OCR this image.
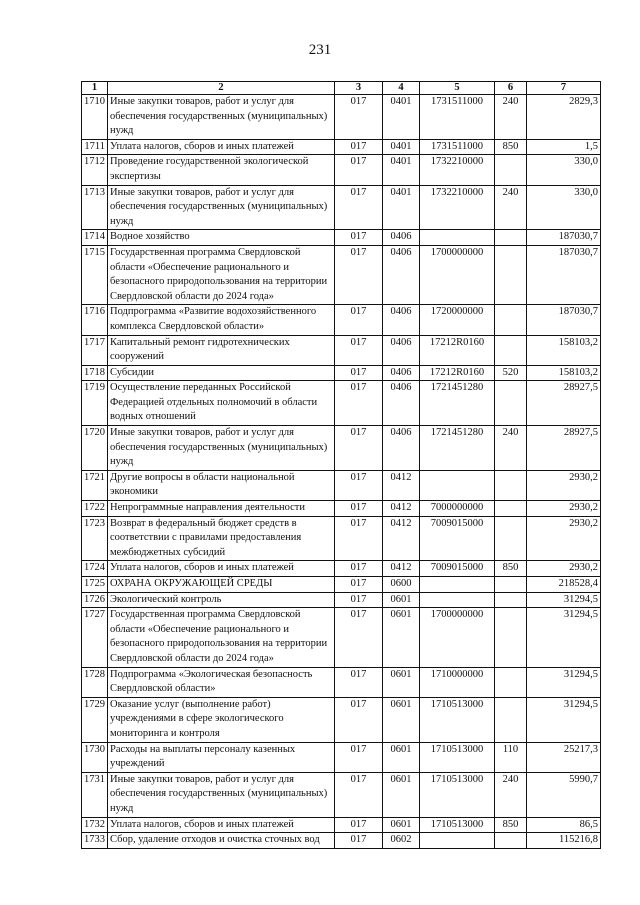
231
1	2	3	4	5	6	7
1710	Иные закупки товаров, работ и услуг для обеспечения государственных (муниципальных) нужд	017	0401	1731511000	240	2829,3
1711	Уплата налогов, сборов и иных платежей	017	0401	1731511000	850	1,5
1712	Проведение государственной экологической экспертизы	017	0401	1732210000		330,0
1713	Иные закупки товаров, работ и услуг для обеспечения государственных (муниципальных) нужд	017	0401	1732210000	240	330,0
1714	Водное хозяйство	017	0406			187030,7
1715	Государственная программа Свердловской области «Обеспечение рационального и безопасного природопользования на территории Свердловской области до 2024 года»	017	0406	1700000000		187030,7
1716	Подпрограмма «Развитие водохозяйственного комплекса Свердловской области»	017	0406	1720000000		187030,7
1717	Капитальный ремонт гидротехнических сооружений	017	0406	17212R0160		158103,2
1718	Субсидии	017	0406	17212R0160	520	158103,2
1719	Осуществление переданных Российской Федерацией отдельных полномочий в области водных отношений	017	0406	1721451280		28927,5
1720	Иные закупки товаров, работ и услуг для обеспечения государственных (муниципальных) нужд	017	0406	1721451280	240	28927,5
1721	Другие вопросы в области национальной экономики	017	0412			2930,2
1722	Непрограммные направления деятельности	017	0412	7000000000		2930,2
1723	Возврат в федеральный бюджет средств в соответствии с правилами предоставления межбюджетных субсидий	017	0412	7009015000		2930,2
1724	Уплата налогов, сборов и иных платежей	017	0412	7009015000	850	2930,2
1725	ОХРАНА ОКРУЖАЮЩЕЙ СРЕДЫ	017	0600			218528,4
1726	Экологический контроль	017	0601			31294,5
1727	Государственная программа Свердловской области «Обеспечение рационального и безопасного природопользования на территории Свердловской области до 2024 года»	017	0601	1700000000		31294,5
1728	Подпрограмма «Экологическая безопасность Свердловской области»	017	0601	1710000000		31294,5
1729	Оказание услуг (выполнение работ) учреждениями в сфере экологического мониторинга и контроля	017	0601	1710513000		31294,5
1730	Расходы на выплаты персоналу казенных учреждений	017	0601	1710513000	110	25217,3
1731	Иные закупки товаров, работ и услуг для обеспечения государственных (муниципальных) нужд	017	0601	1710513000	240	5990,7
1732	Уплата налогов, сборов и иных платежей	017	0601	1710513000	850	86,5
1733	Сбор, удаление отходов и очистка сточных вод	017	0602			115216,8
